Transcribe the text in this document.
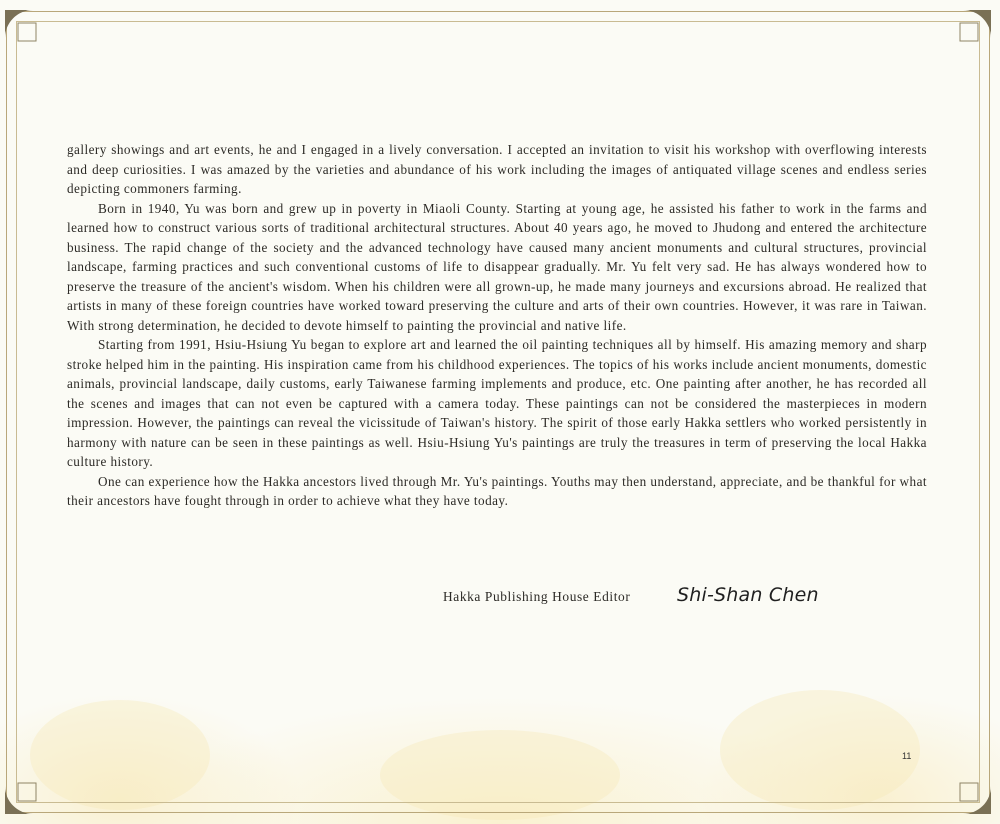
gallery showings and art events, he and I engaged in a lively conversation. I accepted an invitation to visit his workshop with overflowing interests and deep curiosities. I was amazed by the varieties and abundance of his work including the images of antiquated village scenes and endless series depicting commoners farming.

Born in 1940, Yu was born and grew up in poverty in Miaoli County. Starting at young age, he assisted his father to work in the farms and learned how to construct various sorts of traditional architectural structures. About 40 years ago, he moved to Jhudong and entered the architecture business. The rapid change of the society and the advanced technology have caused many ancient monuments and cultural structures, provincial landscape, farming practices and such conventional customs of life to disappear gradually. Mr. Yu felt very sad. He has always wondered how to preserve the treasure of the ancient's wisdom. When his children were all grown-up, he made many journeys and excursions abroad. He realized that artists in many of these foreign countries have worked toward preserving the culture and arts of their own countries. However, it was rare in Taiwan. With strong determination, he decided to devote himself to painting the provincial and native life.

Starting from 1991, Hsiu-Hsiung Yu began to explore art and learned the oil painting techniques all by himself. His amazing memory and sharp stroke helped him in the painting. His inspiration came from his childhood experiences. The topics of his works include ancient monuments, domestic animals, provincial landscape, daily customs, early Taiwanese farming implements and produce, etc. One painting after another, he has recorded all the scenes and images that can not even be captured with a camera today. These paintings can not be considered the masterpieces in modern impression. However, the paintings can reveal the vicissitude of Taiwan's history. The spirit of those early Hakka settlers who worked persistently in harmony with nature can be seen in these paintings as well. Hsiu-Hsiung Yu's paintings are truly the treasures in term of preserving the local Hakka culture history.

One can experience how the Hakka ancestors lived through Mr. Yu's paintings. Youths may then understand, appreciate, and be thankful for what their ancestors have fought through in order to achieve what they have today.

Hakka Publishing House Editor Shi-Shan Chen
11
